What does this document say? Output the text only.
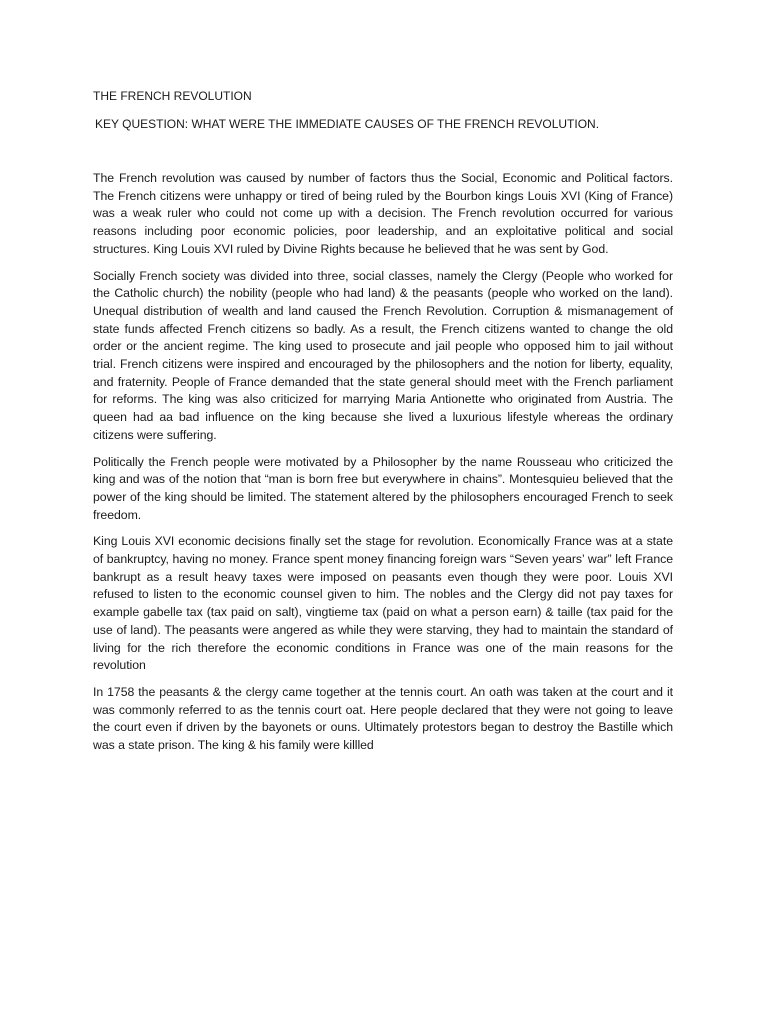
THE FRENCH REVOLUTION

KEY QUESTION: WHAT WERE THE IMMEDIATE CAUSES OF THE FRENCH REVOLUTION.

The French revolution was caused by number of factors thus the Social, Economic and Political factors. The French citizens were unhappy or tired of being ruled by the Bourbon kings Louis XVI (King of France) was a weak ruler who could not come up with a decision. The French revolution occurred for various reasons including poor economic policies, poor leadership, and an exploitative political and social structures. King Louis XVI ruled by Divine Rights because he believed that he was sent by God.

Socially French society was divided into three, social classes, namely the Clergy (People who worked for the Catholic church) the nobility (people who had land) & the peasants (people who worked on the land). Unequal distribution of wealth and land caused the French Revolution. Corruption & mismanagement of state funds affected French citizens so badly. As a result, the French citizens wanted to change the old order or the ancient regime. The king used to prosecute and jail people who opposed him to jail without trial. French citizens were inspired and encouraged by the philosophers and the notion for liberty, equality, and fraternity. People of France demanded that the state general should meet with the French parliament for reforms. The king was also criticized for marrying Maria Antionette who originated from Austria. The queen had aa bad influence on the king because she lived a luxurious lifestyle whereas the ordinary citizens were suffering.

Politically the French people were motivated by a Philosopher by the name Rousseau who criticized the king and was of the notion that “man is born free but everywhere in chains”. Montesquieu believed that the power of the king should be limited. The statement altered by the philosophers encouraged French to seek freedom.

King Louis XVI economic decisions finally set the stage for revolution. Economically France was at a state of bankruptcy, having no money. France spent money financing foreign wars “Seven years’ war” left France bankrupt as a result heavy taxes were imposed on peasants even though they were poor. Louis XVI refused to listen to the economic counsel given to him. The nobles and the Clergy did not pay taxes for example gabelle tax (tax paid on salt), vingtieme tax (paid on what a person earn) & taille (tax paid for the use of land). The peasants were angered as while they were starving, they had to maintain the standard of living for the rich therefore the economic conditions in France was one of the main reasons for the revolution

In 1758 the peasants & the clergy came together at the tennis court. An oath was taken at the court and it was commonly referred to as the tennis court oat. Here people declared that they were not going to leave the court even if driven by the bayonets or ouns. Ultimately protestors began to destroy the Bastille which was a state prison. The king & his family were killled
